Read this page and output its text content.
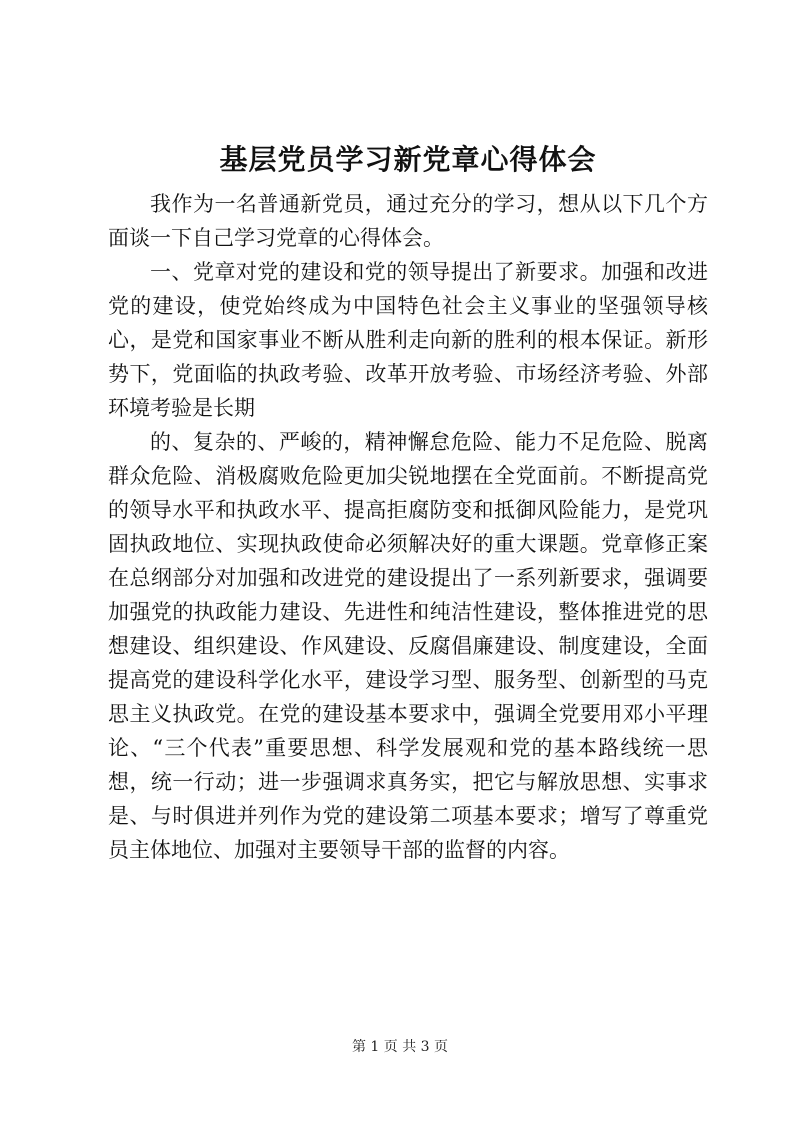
基层党员学习新党章心得体会

我作为一名普通新党员，通过充分的学习，想从以下几个方面谈一下自己学习党章的心得体会。

一、党章对党的建设和党的领导提出了新要求。加强和改进党的建设，使党始终成为中国特色社会主义事业的坚强领导核心，是党和国家事业不断从胜利走向新的胜利的根本保证。新形势下，党面临的执政考验、改革开放考验、市场经济考验、外部环境考验是长期

的、复杂的、严峻的，精神懈怠危险、能力不足危险、脱离群众危险、消极腐败危险更加尖锐地摆在全党面前。不断提高党的领导水平和执政水平、提高拒腐防变和抵御风险能力，是党巩固执政地位、实现执政使命必须解决好的重大课题。党章修正案在总纲部分对加强和改进党的建设提出了一系列新要求，强调要加强党的执政能力建设、先进性和纯洁性建设，整体推进党的思想建设、组织建设、作风建设、反腐倡廉建设、制度建设，全面提高党的建设科学化水平，建设学习型、服务型、创新型的马克思主义执政党。在党的建设基本要求中，强调全党要用邓小平理论、“三个代表”重要思想、科学发展观和党的基本路线统一思想，统一行动；进一步强调求真务实，把它与解放思想、实事求是、与时俱进并列作为党的建设第二项基本要求；增写了尊重党员主体地位、加强对主要领导干部的监督的内容。

第 1 页 共 3 页
